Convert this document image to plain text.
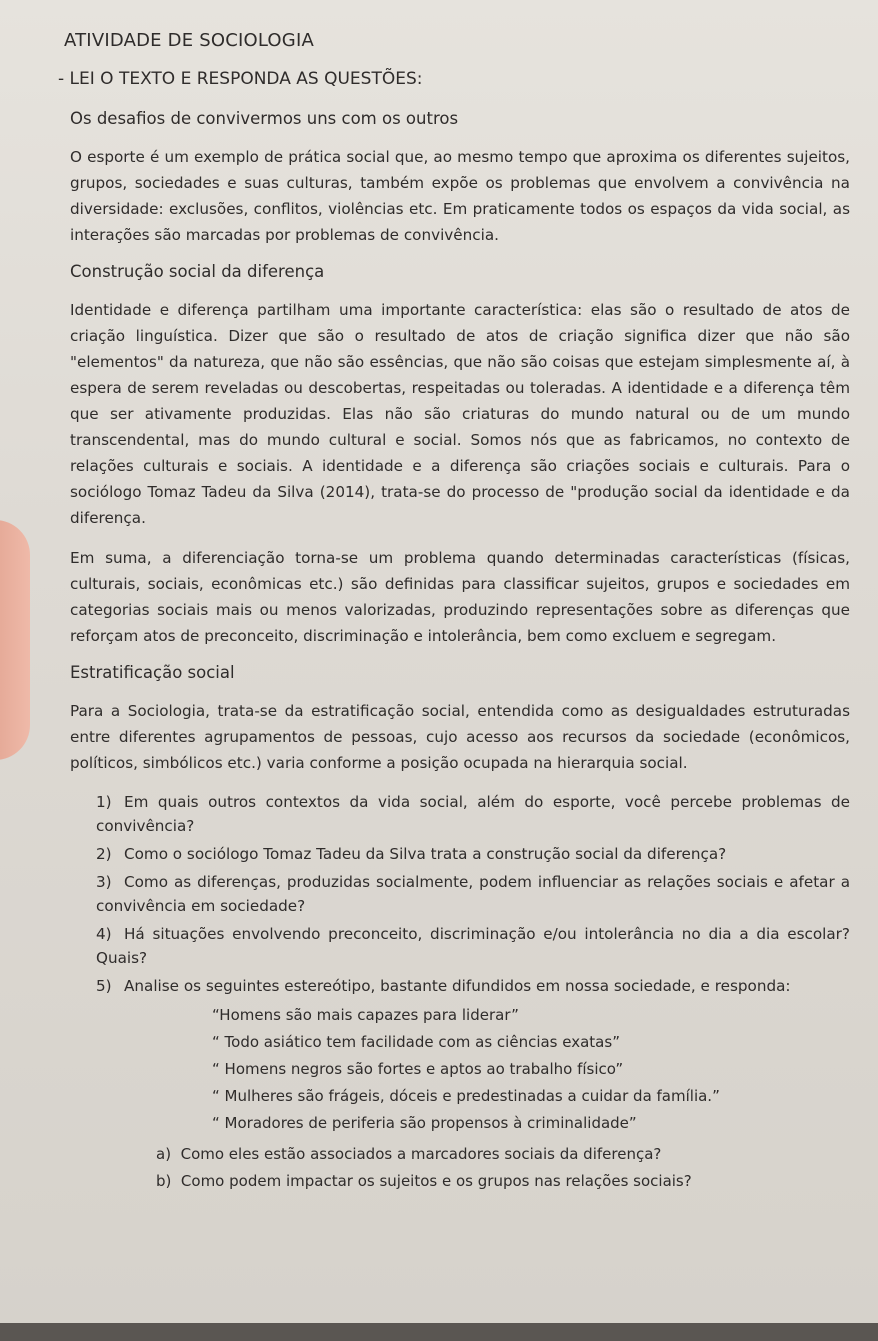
ATIVIDADE DE SOCIOLOGIA
- LEI O TEXTO E RESPONDA AS QUESTÕES:
Os desafios de convivermos uns com os outros

O esporte é um exemplo de prática social que, ao mesmo tempo que aproxima os diferentes sujeitos, grupos, sociedades e suas culturas, também expõe os problemas que envolvem a convivência na diversidade: exclusões, conflitos, violências etc. Em praticamente todos os espaços da vida social, as interações são marcadas por problemas de convivência.

Construção social da diferença

Identidade e diferença partilham uma importante característica: elas são o resultado de atos de criação linguística. Dizer que são o resultado de atos de criação significa dizer que não são "elementos" da natureza, que não são essências, que não são coisas que estejam simplesmente aí, à espera de serem reveladas ou descobertas, respeitadas ou toleradas. A identidade e a diferença têm que ser ativamente produzidas. Elas não são criaturas do mundo natural ou de um mundo transcendental, mas do mundo cultural e social. Somos nós que as fabricamos, no contexto de relações culturais e sociais. A identidade e a diferença são criações sociais e culturais. Para o sociólogo Tomaz Tadeu da Silva (2014), trata-se do processo de "produção social da identidade e da diferença.

Em suma, a diferenciação torna-se um problema quando determinadas características (físicas, culturais, sociais, econômicas etc.) são definidas para classificar sujeitos, grupos e sociedades em categorias sociais mais ou menos valorizadas, produzindo representações sobre as diferenças que reforçam atos de preconceito, discriminação e intolerância, bem como excluem e segregam.

Estratificação social

Para a Sociologia, trata-se da estratificação social, entendida como as desigualdades estruturadas entre diferentes agrupamentos de pessoas, cujo acesso aos recursos da sociedade (econômicos, políticos, simbólicos etc.) varia conforme a posição ocupada na hierarquia social.

1) Em quais outros contextos da vida social, além do esporte, você percebe problemas de convivência?
2) Como o sociólogo Tomaz Tadeu da Silva trata a construção social da diferença?
3) Como as diferenças, produzidas socialmente, podem influenciar as relações sociais e afetar a convivência em sociedade?
4) Há situações envolvendo preconceito, discriminação e/ou intolerância no dia a dia escolar? Quais?
5) Analise os seguintes estereótipo, bastante difundidos em nossa sociedade, e responda:
“Homens são mais capazes para liderar”
“ Todo asiático tem facilidade com as ciências exatas”
“ Homens negros são fortes e aptos ao trabalho físico”
“ Mulheres são frágeis, dóceis e predestinadas a cuidar da família.”
“ Moradores de periferia são propensos à criminalidade”
a) Como eles estão associados a marcadores sociais da diferença?
b) Como podem impactar os sujeitos e os grupos nas relações sociais?
